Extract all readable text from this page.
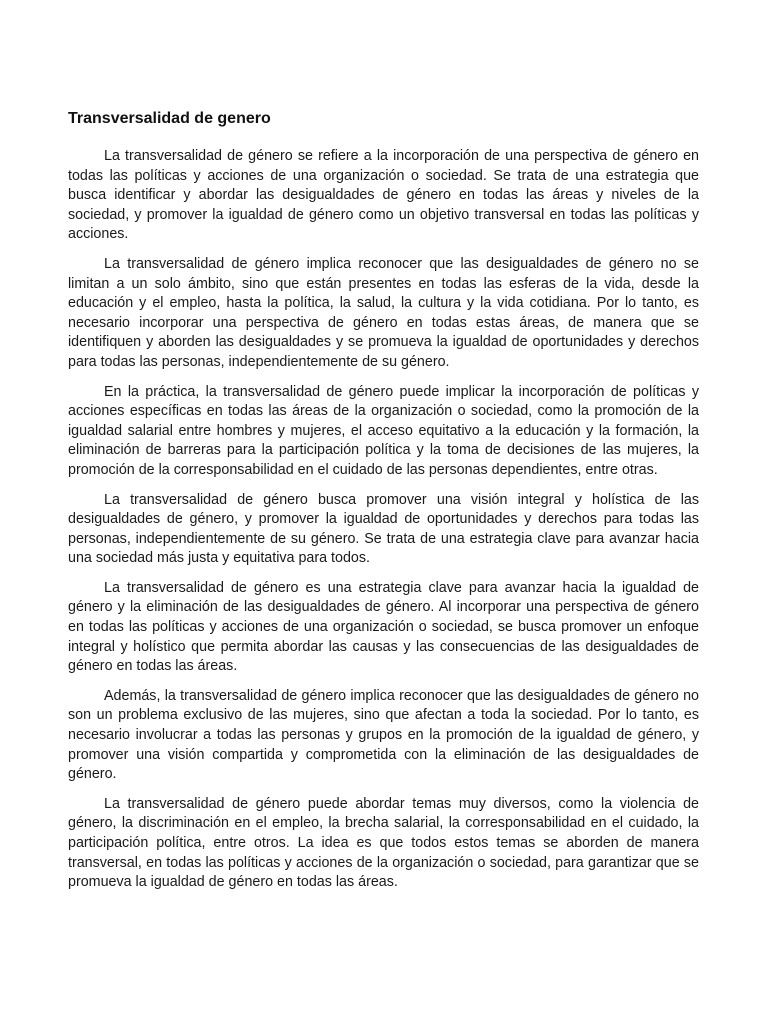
Transversalidad de genero

La transversalidad de género se refiere a la incorporación de una perspectiva de género en todas las políticas y acciones de una organización o sociedad. Se trata de una estrategia que busca identificar y abordar las desigualdades de género en todas las áreas y niveles de la sociedad, y promover la igualdad de género como un objetivo transversal en todas las políticas y acciones.

La transversalidad de género implica reconocer que las desigualdades de género no se limitan a un solo ámbito, sino que están presentes en todas las esferas de la vida, desde la educación y el empleo, hasta la política, la salud, la cultura y la vida cotidiana. Por lo tanto, es necesario incorporar una perspectiva de género en todas estas áreas, de manera que se identifiquen y aborden las desigualdades y se promueva la igualdad de oportunidades y derechos para todas las personas, independientemente de su género.

En la práctica, la transversalidad de género puede implicar la incorporación de políticas y acciones específicas en todas las áreas de la organización o sociedad, como la promoción de la igualdad salarial entre hombres y mujeres, el acceso equitativo a la educación y la formación, la eliminación de barreras para la participación política y la toma de decisiones de las mujeres, la promoción de la corresponsabilidad en el cuidado de las personas dependientes, entre otras.

La transversalidad de género busca promover una visión integral y holística de las desigualdades de género, y promover la igualdad de oportunidades y derechos para todas las personas, independientemente de su género. Se trata de una estrategia clave para avanzar hacia una sociedad más justa y equitativa para todos.

La transversalidad de género es una estrategia clave para avanzar hacia la igualdad de género y la eliminación de las desigualdades de género. Al incorporar una perspectiva de género en todas las políticas y acciones de una organización o sociedad, se busca promover un enfoque integral y holístico que permita abordar las causas y las consecuencias de las desigualdades de género en todas las áreas.

Además, la transversalidad de género implica reconocer que las desigualdades de género no son un problema exclusivo de las mujeres, sino que afectan a toda la sociedad. Por lo tanto, es necesario involucrar a todas las personas y grupos en la promoción de la igualdad de género, y promover una visión compartida y comprometida con la eliminación de las desigualdades de género.

La transversalidad de género puede abordar temas muy diversos, como la violencia de género, la discriminación en el empleo, la brecha salarial, la corresponsabilidad en el cuidado, la participación política, entre otros. La idea es que todos estos temas se aborden de manera transversal, en todas las políticas y acciones de la organización o sociedad, para garantizar que se promueva la igualdad de género en todas las áreas.
